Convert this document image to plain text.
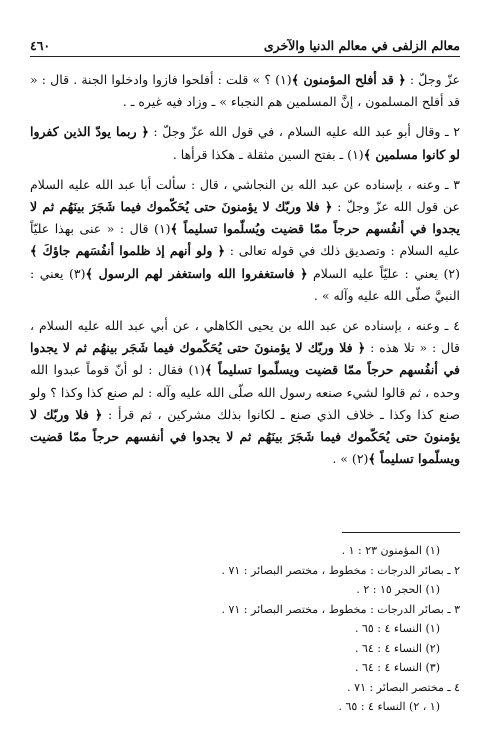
معالم الزلفى في معالم الدنيا والآخرى
٤٦٠

عزّ وجلّ : ﴿ قد أفلح المؤمنون ﴾(١) ؟ » قلت : أفلحوا فازوا وادخلوا الجنة . قال : « قد أفلح المسلمون ، إنَّ المسلمين هم النجباء » ـ وزاد فيه غيره ـ .

٢ ـ وقال أبو عبد الله عليه السلام ، في قول الله عزّ وجلّ : ﴿ ربما يودّ الذين كفروا لو كانوا مسلمين ﴾(١) ـ بفتح السين مثقلة ـ هكذا قرأها .

٣ ـ وعنه ، بإسناده عن عبد الله بن النجاشي ، قال : سألت أبا عبد الله عليه السلام عن قول الله عزّ وجلّ : ﴿ فلا وربّك لا يؤمنونَ حتى يُحَكّموك فيما شَجَرَ بينَهُم ثم لا يجدوا في أنفُسهم حرجاً ممّا قضيت ويُسلّموا تسليماً ﴾(١) قال : « عنى بهذا عليّاً عليه السلام : وتصديق ذلك في قوله تعالى : ﴿ ولو أنهم إذ ظلموا أنفُسَهم جاؤكَ ﴾(٢) يعني : عليّاً عليه السلام ﴿ فاستغفروا الله واستغفر لهم الرسول ﴾(٣) يعني : النبيَّ صلّى الله عليه وآله » .

٤ ـ وعنه ، بإسناده عن عبد الله بن يحيى الكاهلي ، عن أبي عبد الله عليه السلام ، قال : « تلا هذه : ﴿ فلا وربّك لا يؤمنونَ حتى يُحَكّموك فيما شَجَر بينهُم ثم لا يجدوا في أنفُسهم حرجاً ممّا قضيت ويسلّموا تسليماً ﴾(١) فقال : لو أنّ قوماً عبدوا الله وحده ، ثم قالوا لشيء صنعه رسول الله صلّى الله عليه وآله : لم صنع كذا وكذا ؟ ولو صنع كذا وكذا ـ خلاف الذي صنع ـ لكانوا بذلك مشركين ، ثم قرأ : ﴿ فلا وربّك لا يؤمنونَ حتى يُحَكّموك فيما شَجَرَ بينَهُم ثم لا يجدوا في أنفسهم حرجاً ممّا قضيت ويسلّموا تسليماً ﴾(٢) » .

(١) المؤمنون ٢٣ : ١ .
٢ ـ بصائر الدرجات : مخطوط ، مختصر البصائر : ٧١ .
(١) الحجر ١٥ : ٢ .
٣ ـ بصائر الدرجات : مخطوط ، مختصر البصائر : ٧١ .
(١) النساء ٤ : ٦٥ .
(٢) النساء ٤ : ٦٤ .
(٣) النساء ٤ : ٦٤ .
٤ ـ مختصر البصائر : ٧١ .
(١ ، ٢) النساء ٤ : ٦٥ .
